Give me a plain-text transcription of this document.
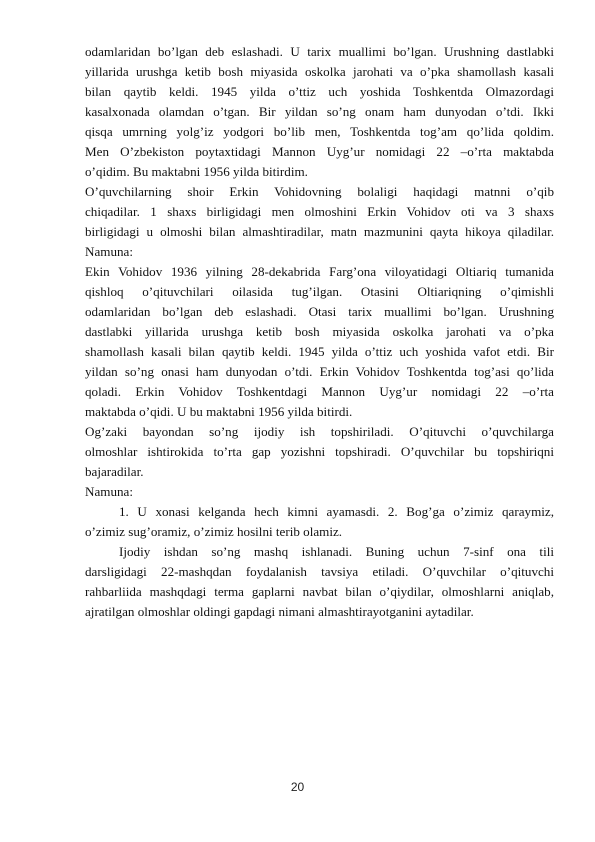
odamlaridan bo’lgan deb eslashadi. U tarix muallimi bo’lgan. Urushning dastlabki
yillarida urushga ketib bosh miyasida oskolka jarohati va o’pka shamollash kasali
bilan qaytib keldi. 1945 yilda o’ttiz uch yoshida Toshkentda Olmazordagi
kasalxonada olamdan o’tgan. Bir yildan so’ng onam ham dunyodan o’tdi. Ikki
qisqa umrning yolg’iz yodgori bo’lib men, Toshkentda tog’am qo’lida qoldim.
Men O’zbekiston poytaxtidagi Mannon Uyg’ur nomidagi 22 –o’rta maktabda
o’qidim. Bu maktabni 1956 yilda bitirdim.
O’quvchilarning shoir Erkin Vohidovning bolaligi haqidagi matnni o’qib
chiqadilar. 1 shaxs birligidagi men olmoshini Erkin Vohidov oti va 3 shaxs
birligidagi u olmoshi bilan almashtiradilar, matn mazmunini qayta hikoya qiladilar.
Namuna:
Ekin Vohidov 1936 yilning 28-dekabrida Farg’ona viloyatidagi Oltiariq tumanida
qishloq o’qituvchilari oilasida tug’ilgan. Otasini Oltiariqning o’qimishli
odamlaridan bo’lgan deb eslashadi. Otasi tarix muallimi bo’lgan. Urushning
dastlabki yillarida urushga ketib bosh miyasida oskolka jarohati va o’pka
shamollash kasali bilan qaytib keldi. 1945 yilda o’ttiz uch yoshida vafot etdi. Bir
yildan so’ng onasi ham dunyodan o’tdi. Erkin Vohidov Toshkentda tog’asi qo’lida
qoladi. Erkin Vohidov Toshkentdagi Mannon Uyg’ur nomidagi 22 –o’rta
maktabda o’qidi. U bu maktabni 1956 yilda bitirdi.
Og’zaki bayondan so’ng ijodiy ish topshiriladi. O’qituvchi o’quvchilarga
olmoshlar ishtirokida to’rta gap yozishni topshiradi. O’quvchilar bu topshiriqni
bajaradilar.
Namuna:
1. U xonasi kelganda hech kimni ayamasdi. 2. Bog’ga o’zimiz qaraymiz,
o’zimiz sug’oramiz, o’zimiz hosilni terib olamiz.
Ijodiy ishdan so’ng mashq ishlanadi. Buning uchun 7-sinf ona tili
darsligidagi 22-mashqdan foydalanish tavsiya etiladi. O’quvchilar o’qituvchi
rahbarliida mashqdagi terma gaplarni navbat bilan o’qiydilar, olmoshlarni aniqlab,
ajratilgan olmoshlar oldingi gapdagi nimani almashtirayotganini aytadilar.
20
